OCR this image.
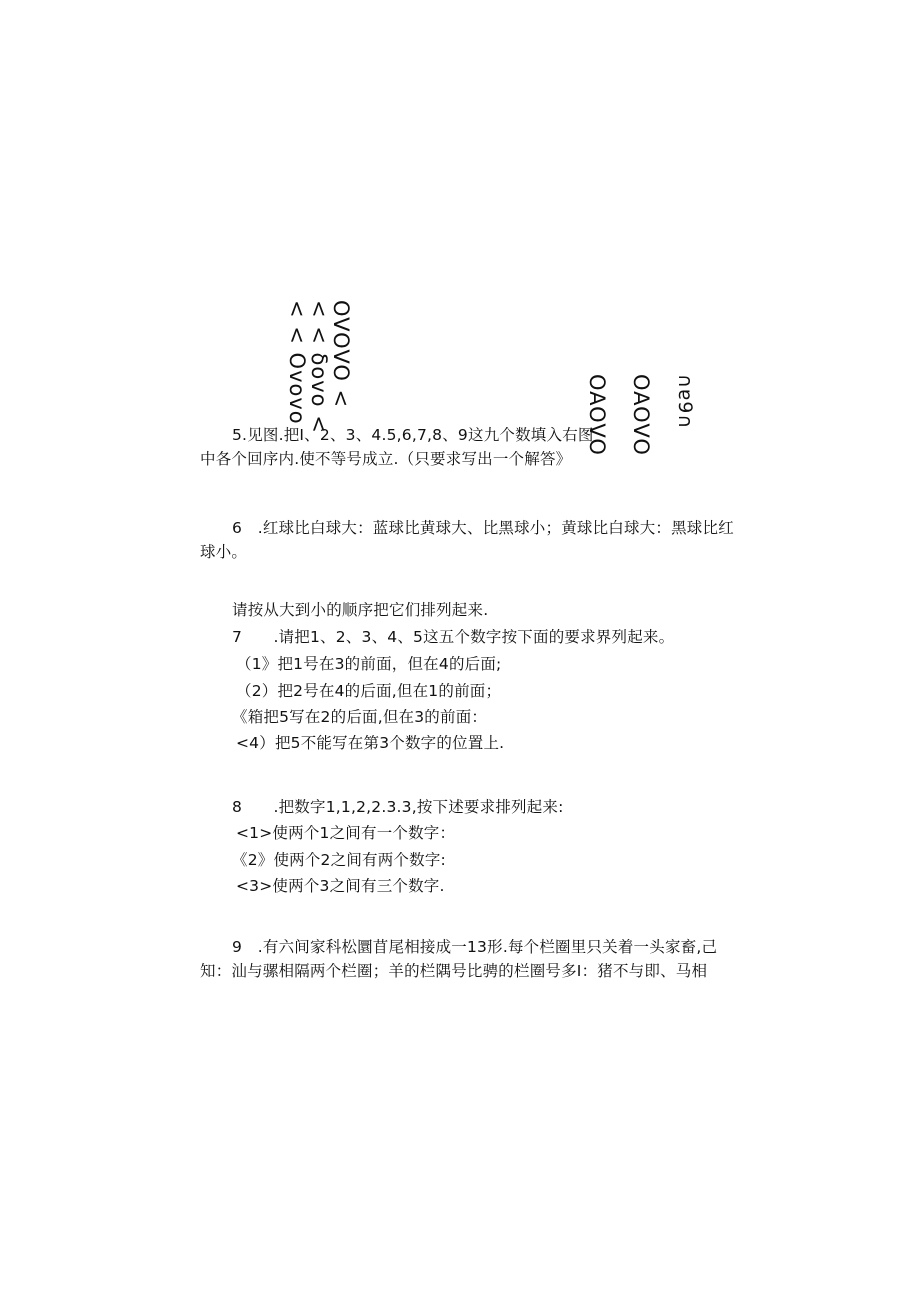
< < Ovovo
< < δovo <
OVOVO <
OAOVO OAOVO ∩ɐ9∩
5.见图.把I、2、3、4.5,6,7,8、9这九个数填入右图
中各个回序内.使不等号成立.（只要求写出一个解答》
6　.红球比白球大：蓝球比黄球大、比黑球小；黄球比白球大：黑球比红
球小。
请按从大到小的顺序把它们排列起来.
7　　.请把1、2、3、4、5这五个数字按下面的要求界列起来。
（1》把1号在3的前面，但在4的后面;
（2）把2号在4的后面,但在1的前面；
《箱把5写在2的后面,但在3的前面：
<4）把5不能写在第3个数字的位置上.
8　　.把数字1,1,2,2.3.3,按下述要求排列起来:
<1>使两个1之间有一个数字：
《2》使两个2之间有两个数字:
<3>使两个3之间有三个数字.
9　.有六间家科松圜苜尾相接成一13形.每个栏圈里只关着一头家畜,己
知：汕与骡相隔两个栏圈；羊的栏隅号比骋的栏圈号多I：猪不与即、马相
